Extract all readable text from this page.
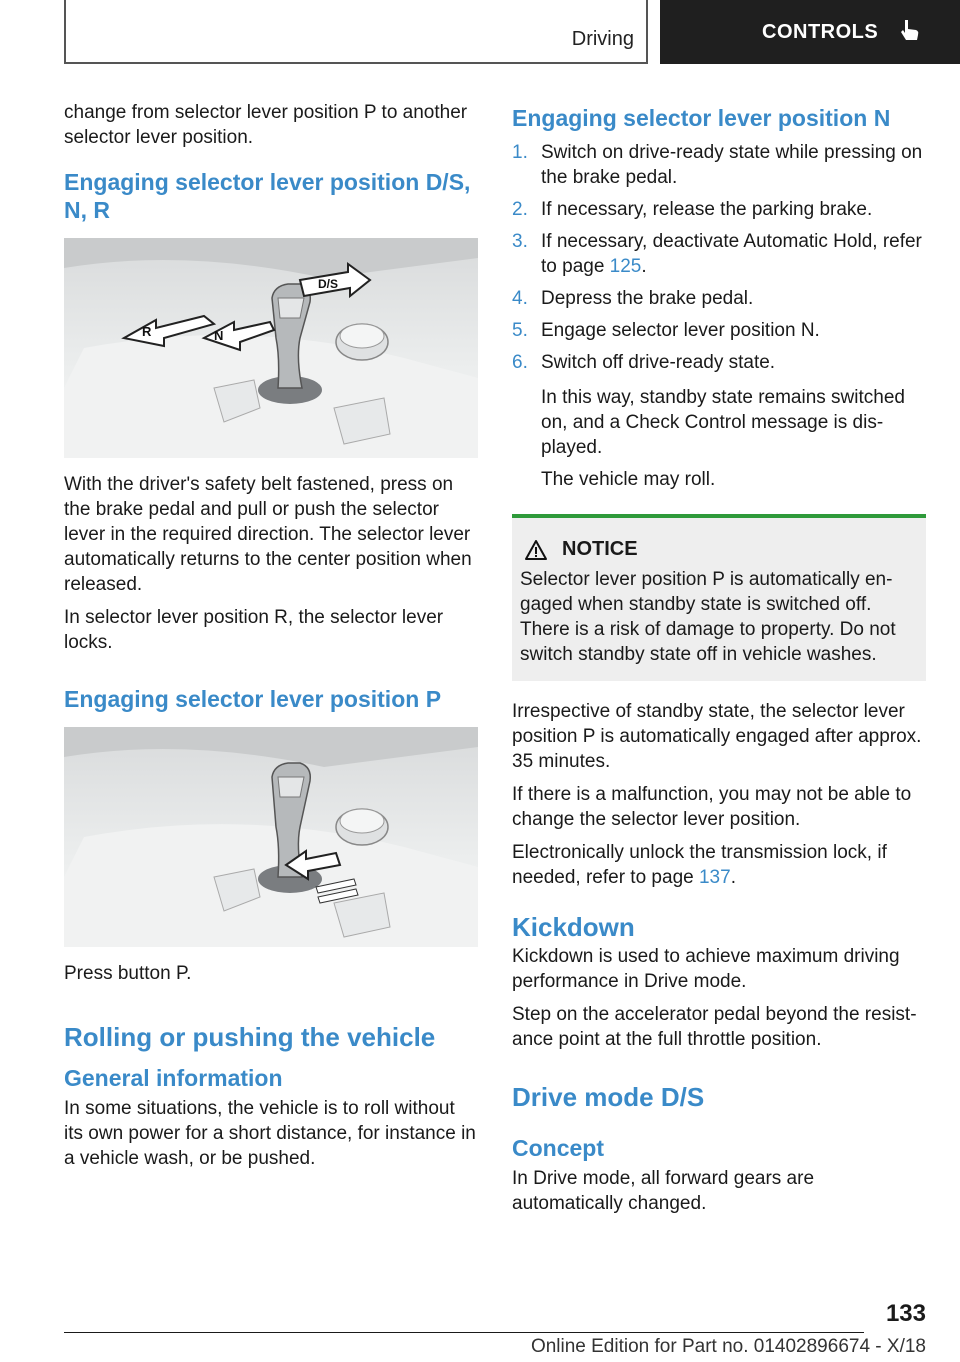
Driving	CONTROLS

change from selector lever position P to another selector lever position.

Engaging selector lever position D/S, N, R
R	N
D/S

With the driver's safety belt fastened, press on the brake pedal and pull or push the selector lever in the required direction. The selector lever automatically returns to the center position when released.

In selector lever position R, the selector lever locks.

Engaging selector lever position P

Press button P.

Rolling or pushing the vehicle
General information

In some situations, the vehicle is to roll without its own power for a short distance, for instance in a vehicle wash, or be pushed.

Engaging selector lever position N
1. Switch on drive-ready state while pressing on the brake pedal.
2. If necessary, release the parking brake.
3. If necessary, deactivate Automatic Hold, refer to page 125.
4. Depress the brake pedal.
5. Engage selector lever position N.
6. Switch off drive-ready state.

In this way, standby state remains switched on, and a Check Control message is dis‐ played.

The vehicle may roll.

NOTICE

Selector lever position P is automatically en‐ gaged when standby state is switched off. There is a risk of damage to property. Do not switch standby state off in vehicle washes.

Irrespective of standby state, the selector lever position P is automatically engaged after approx. 35 minutes.

If there is a malfunction, you may not be able to change the selector lever position.

Electronically unlock the transmission lock, if needed, refer to page 137.

Kickdown

Kickdown is used to achieve maximum driving performance in Drive mode.

Step on the accelerator pedal beyond the resist‐ ance point at the full throttle position.

Drive mode D/S
Concept

In Drive mode, all forward gears are automatically changed.

133
Online Edition for Part no. 01402896674 - X/18
